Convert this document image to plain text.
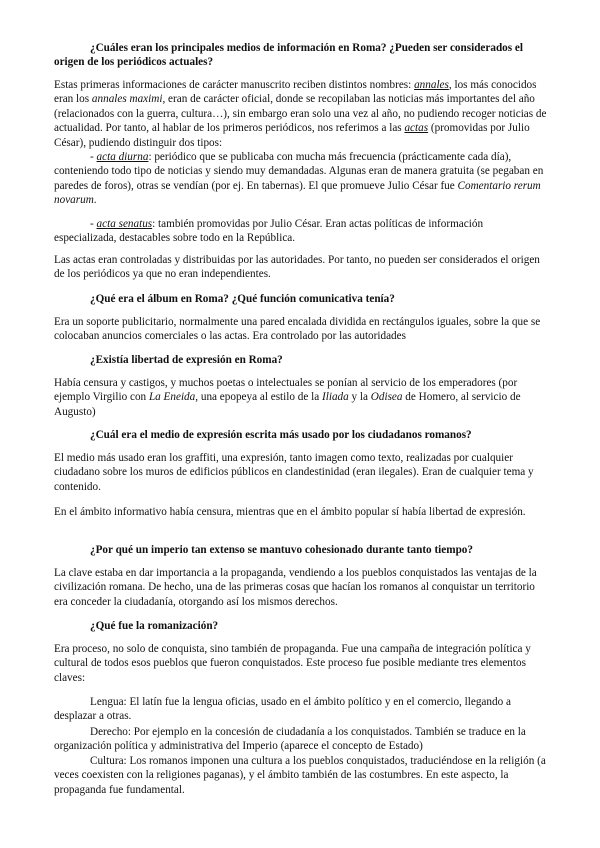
¿Cuáles eran los principales medios de información en Roma? ¿Pueden ser considerados el origen de los periódicos actuales?

Estas primeras informaciones de carácter manuscrito reciben distintos nombres: annales, los más conocidos eran los annales maximi, eran de carácter oficial, donde se recopilaban las noticias más importantes del año (relacionados con la guerra, cultura…), sin embargo eran solo una vez al año, no pudiendo recoger noticias de actualidad. Por tanto, al hablar de los primeros periódicos, nos referimos a las actas (promovidas por Julio César), pudiendo distinguir dos tipos:

- acta diurna: periódico que se publicaba con mucha más frecuencia (prácticamente cada día), conteniendo todo tipo de noticias y siendo muy demandadas. Algunas eran de manera gratuita (se pegaban en paredes de foros), otras se vendían (por ej. En tabernas). El que promueve Julio César fue Comentario rerum novarum.

- acta senatus: también promovidas por Julio César. Eran actas políticas de información especializada, destacables sobre todo en la República.

Las actas eran controladas y distribuidas por las autoridades. Por tanto, no pueden ser considerados el origen de los periódicos ya que no eran independientes.

¿Qué era el álbum en Roma? ¿Qué función comunicativa tenía?

Era un soporte publicitario, normalmente una pared encalada dividida en rectángulos iguales, sobre la que se colocaban anuncios comerciales o las actas. Era controlado por las autoridades

¿Existía libertad de expresión en Roma?

Había censura y castigos, y muchos poetas o intelectuales se ponían al servicio de los emperadores (por ejemplo Virgilio con La Eneida, una epopeya al estilo de la Iliada y la Odisea de Homero, al servicio de Augusto)

¿Cuál era el medio de expresión escrita más usado por los ciudadanos romanos?

El medio más usado eran los graffiti, una expresión, tanto imagen como texto, realizadas por cualquier ciudadano sobre los muros de edificios públicos en clandestinidad (eran ilegales). Eran de cualquier tema y contenido.

En el ámbito informativo había censura, mientras que en el ámbito popular sí había libertad de expresión.

¿Por qué un imperio tan extenso se mantuvo cohesionado durante tanto tiempo?

La clave estaba en dar importancia a la propaganda, vendiendo a los pueblos conquistados las ventajas de la civilización romana. De hecho, una de las primeras cosas que hacían los romanos al conquistar un territorio era conceder la ciudadanía, otorgando así los mismos derechos.

¿Qué fue la romanización?

Era proceso, no solo de conquista, sino también de propaganda. Fue una campaña de integración política y cultural de todos esos pueblos que fueron conquistados. Este proceso fue posible mediante tres elementos claves:

Lengua: El latín fue la lengua oficias, usado en el ámbito político y en el comercio, llegando a desplazar a otras.

Derecho: Por ejemplo en la concesión de ciudadanía a los conquistados. También se traduce en la organización política y administrativa del Imperio (aparece el concepto de Estado)

Cultura: Los romanos imponen una cultura a los pueblos conquistados, traduciéndose en la religión (a veces coexisten con la religiones paganas), y el ámbito también de las costumbres. En este aspecto, la propaganda fue fundamental.
